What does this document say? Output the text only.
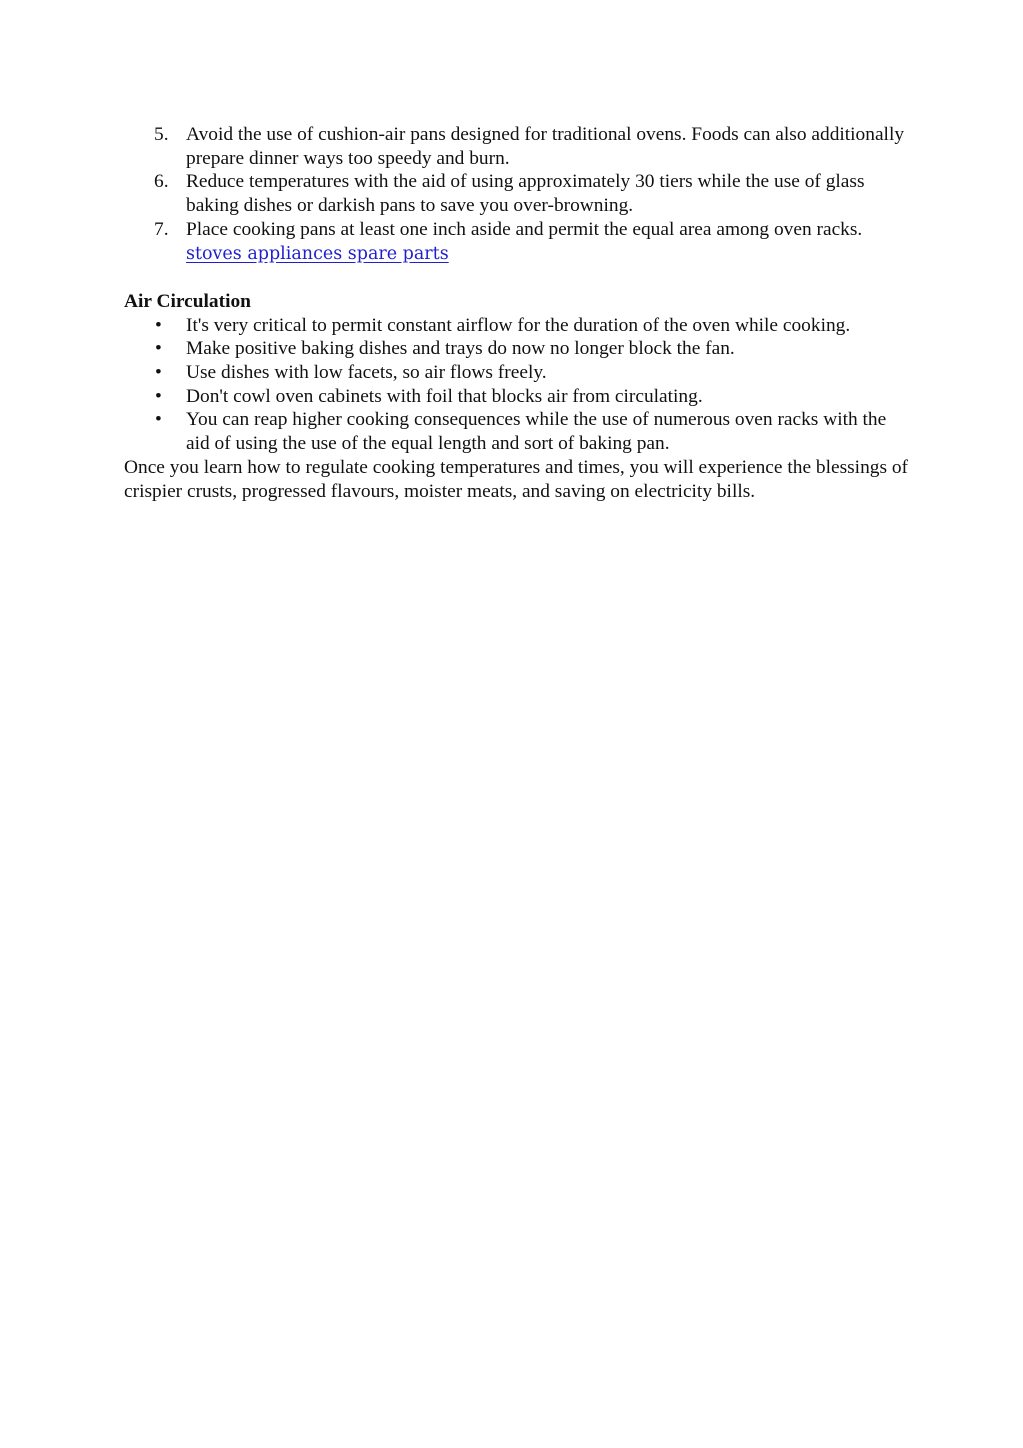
5. Avoid the use of cushion-air pans designed for traditional ovens. Foods can also additionally prepare dinner ways too speedy and burn.
6. Reduce temperatures with the aid of using approximately 30 tiers while the use of glass baking dishes or darkish pans to save you over-browning.
7. Place cooking pans at least one inch aside and permit the equal area among oven racks. stoves appliances spare parts
Air Circulation
• It's very critical to permit constant airflow for the duration of the oven while cooking.
• Make positive baking dishes and trays do now no longer block the fan.
• Use dishes with low facets, so air flows freely.
• Don't cowl oven cabinets with foil that blocks air from circulating.
• You can reap higher cooking consequences while the use of numerous oven racks with the aid of using the use of the equal length and sort of baking pan.

Once you learn how to regulate cooking temperatures and times, you will experience the blessings of crispier crusts, progressed flavours, moister meats, and saving on electricity bills.
